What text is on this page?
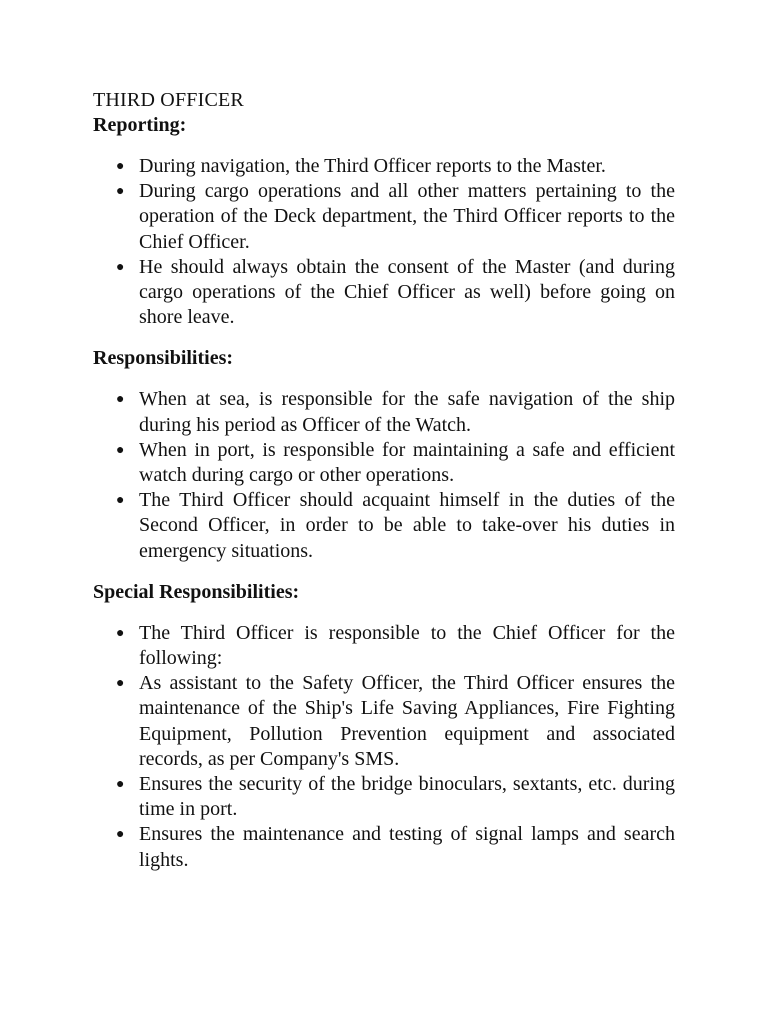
THIRD OFFICER
Reporting:
● During navigation, the Third Officer reports to the Master.
● During cargo operations and all other matters pertaining to the operation of the Deck department, the Third Officer reports to the Chief Officer.
● He should always obtain the consent of the Master (and during cargo operations of the Chief Officer as well) before going on shore leave.
Responsibilities:
● When at sea, is responsible for the safe navigation of the ship during his period as Officer of the Watch.
● When in port, is responsible for maintaining a safe and efficient watch during cargo or other operations.
● The Third Officer should acquaint himself in the duties of the Second Officer, in order to be able to take-over his duties in emergency situations.
Special Responsibilities:
● The Third Officer is responsible to the Chief Officer for the following:
● As assistant to the Safety Officer, the Third Officer ensures the maintenance of the Ship's Life Saving Appliances, Fire Fighting Equipment, Pollution Prevention equipment and associated records, as per Company's SMS.
● Ensures the security of the bridge binoculars, sextants, etc. during time in port.
● Ensures the maintenance and testing of signal lamps and search lights.
